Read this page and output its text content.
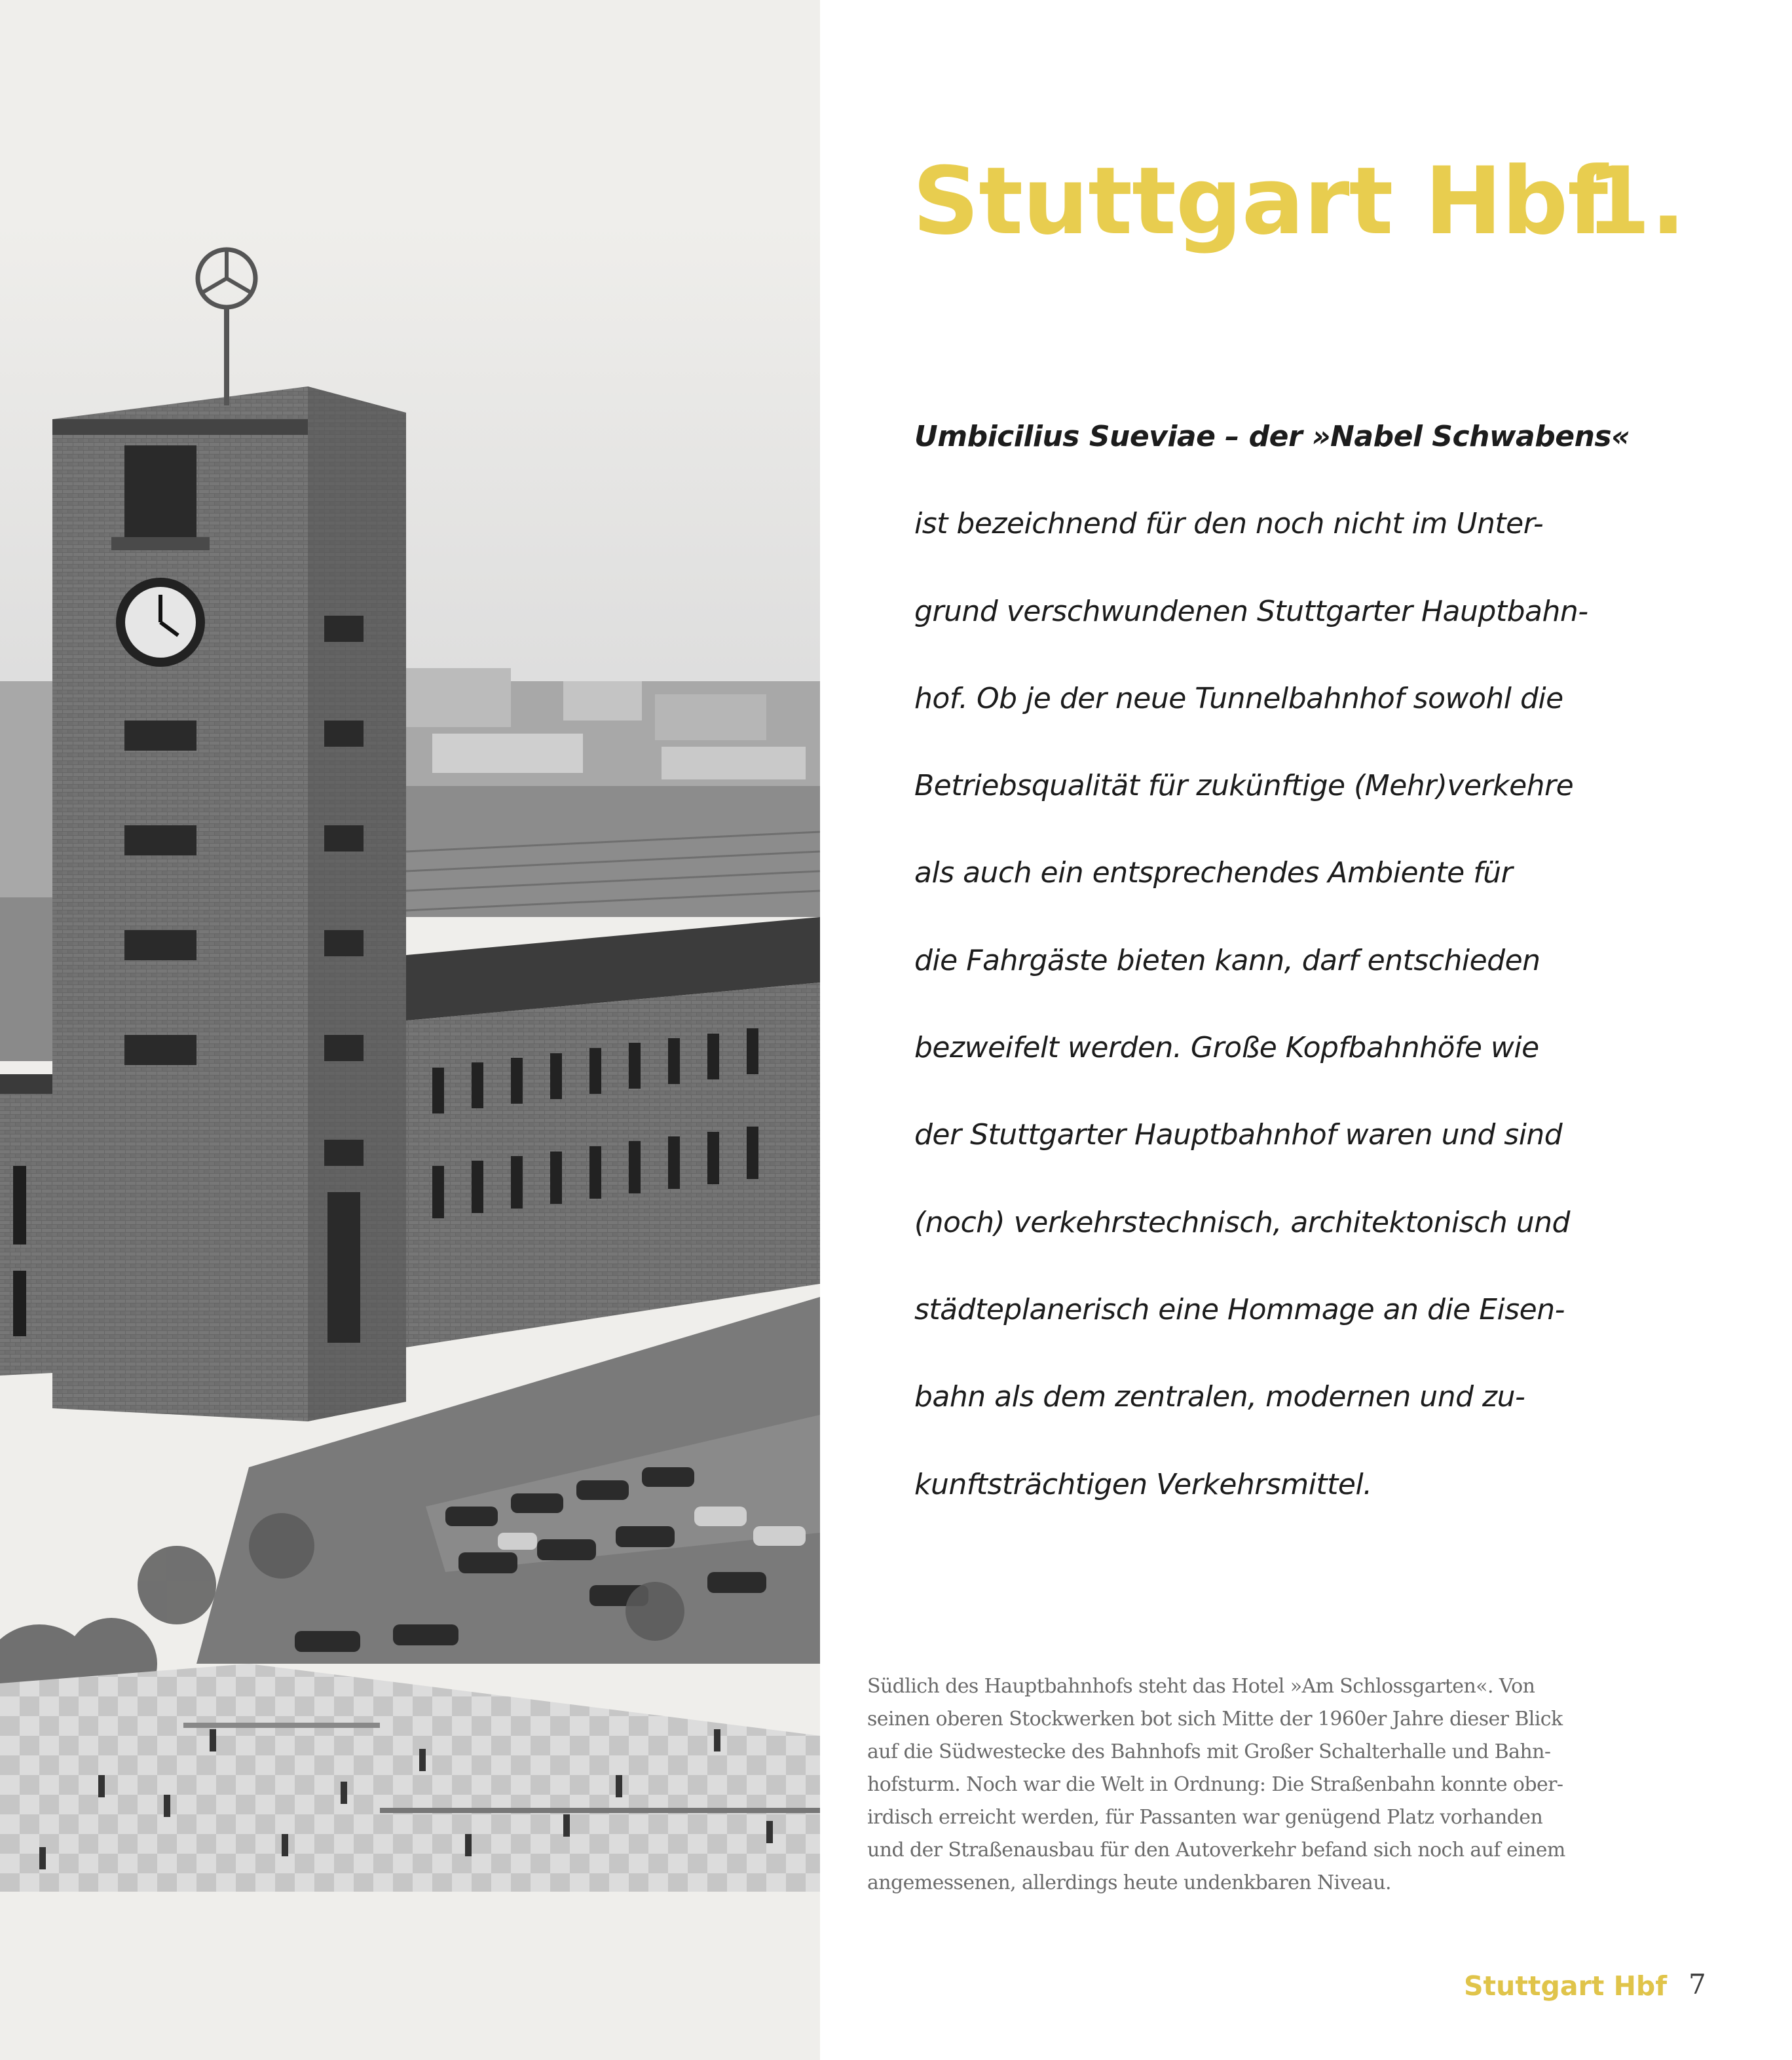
Stuttgart Hbf
1.
Umbicilius Sueviae – der »Nabel Schwabens«
ist bezeichnend für den noch nicht im Unter-
grund verschwundenen Stuttgarter Hauptbahn-
hof. Ob je der neue Tunnelbahnhof sowohl die
Betriebsqualität für zukünftige (Mehr)verkehre
als auch ein entsprechendes Ambiente für
die Fahrgäste bieten kann, darf entschieden
bezweifelt werden. Große Kopfbahnhöfe wie
der Stuttgarter Hauptbahnhof waren und sind
(noch) verkehrstechnisch, architektonisch und
städteplanerisch eine Hommage an die Eisen-
bahn als dem zentralen, modernen und zu-
kunftsträchtigen Verkehrsmittel.
Südlich des Hauptbahnhofs steht das Hotel »Am Schlossgarten«. Von
seinen oberen Stockwerken bot sich Mitte der 1960er Jahre dieser Blick
auf die Südwestecke des Bahnhofs mit Großer Schalterhalle und Bahn-
hofsturm. Noch war die Welt in Ordnung: Die Straßenbahn konnte ober-
irdisch erreicht werden, für Passanten war genügend Platz vorhanden
und der Straßenausbau für den Autoverkehr befand sich noch auf einem
angemessenen, allerdings heute undenkbaren Niveau.
Stuttgart Hbf 7
